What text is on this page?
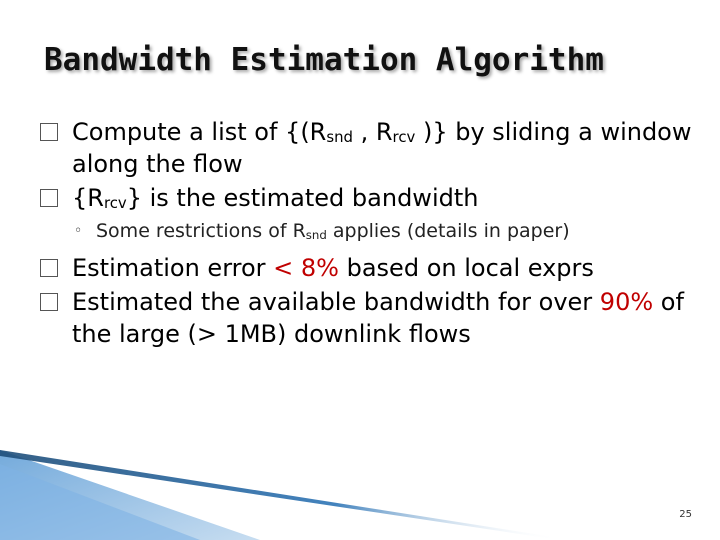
Bandwidth Estimation Algorithm
Compute a list of {($R_{snd}$ , $R_{rcv}$ )} by sliding a window along the flow
$\{R_{rcv}\}$ is the estimated bandwidth
◦ Some restrictions of $R_{snd}$ applies (details in paper)
Estimation error < 8% based on local exprs
Estimated the available bandwidth for over 90% of the large (> 1MB) downlink flows
25
